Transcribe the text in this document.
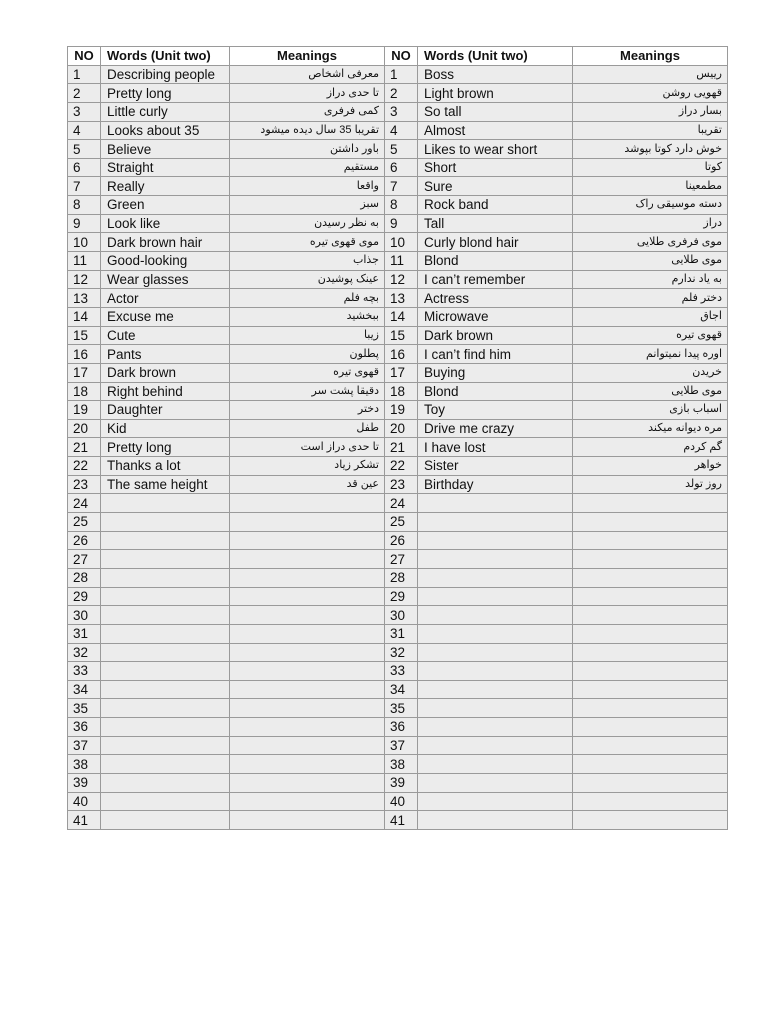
NO	Words (Unit two)	Meanings	NO	Words (Unit two)	Meanings
1	Describing people	معرفی اشخاص	1	Boss	رییس
2	Pretty long	تا حدی دراز	2	Light brown	قهویی روشن
3	Little curly	کمی فرفری	3	So tall	بسار دراز
4	Looks about 35	تقریبا 35 سال دیده میشود	4	Almost	تقریبا
5	Believe	باور داشتن	5	Likes to wear short	خوش دارد کوتا بپوشد
6	Straight	مستقیم	6	Short	کوتا
7	Really	واقعا	7	Sure	مطمعینا
8	Green	سبز	8	Rock band	دسته موسیقی راک
9	Look like	به نظر رسیدن	9	Tall	دراز
10	Dark brown hair	موی قهوی تیره	10	Curly blond hair	موی فرفری طلایی
11	Good-looking	جذاب	11	Blond	موی طلایی
12	Wear glasses	عینک پوشیدن	12	I can’t remember	به یاد ندارم
13	Actor	بچه فلم	13	Actress	دختر فلم
14	Excuse me	ببخشید	14	Microwave	اجاق
15	Cute	زیبا	15	Dark brown	قهوی تیره
16	Pants	پطلون	16	I can’t find him	اوره پیدا نمیتوانم
17	Dark brown	قهوی تیره	17	Buying	خریدن
18	Right behind	دقیقا پشت سر	18	Blond	موی طلایی
19	Daughter	دختر	19	Toy	اسباب بازی
20	Kid	طفل	20	Drive me crazy	مره دیوانه میکند
21	Pretty long	تا حدی دراز است	21	I have lost	گم کردم
22	Thanks a lot	تشکر زیاد	22	Sister	خواهر
23	The same height	عین قد	23	Birthday	روز تولد
24			24		
25			25		
26			26		
27			27		
28			28		
29			29		
30			30		
31			31		
32			32		
33			33		
34			34		
35			35		
36			36		
37			37		
38			38		
39			39		
40			40		
41			41		
